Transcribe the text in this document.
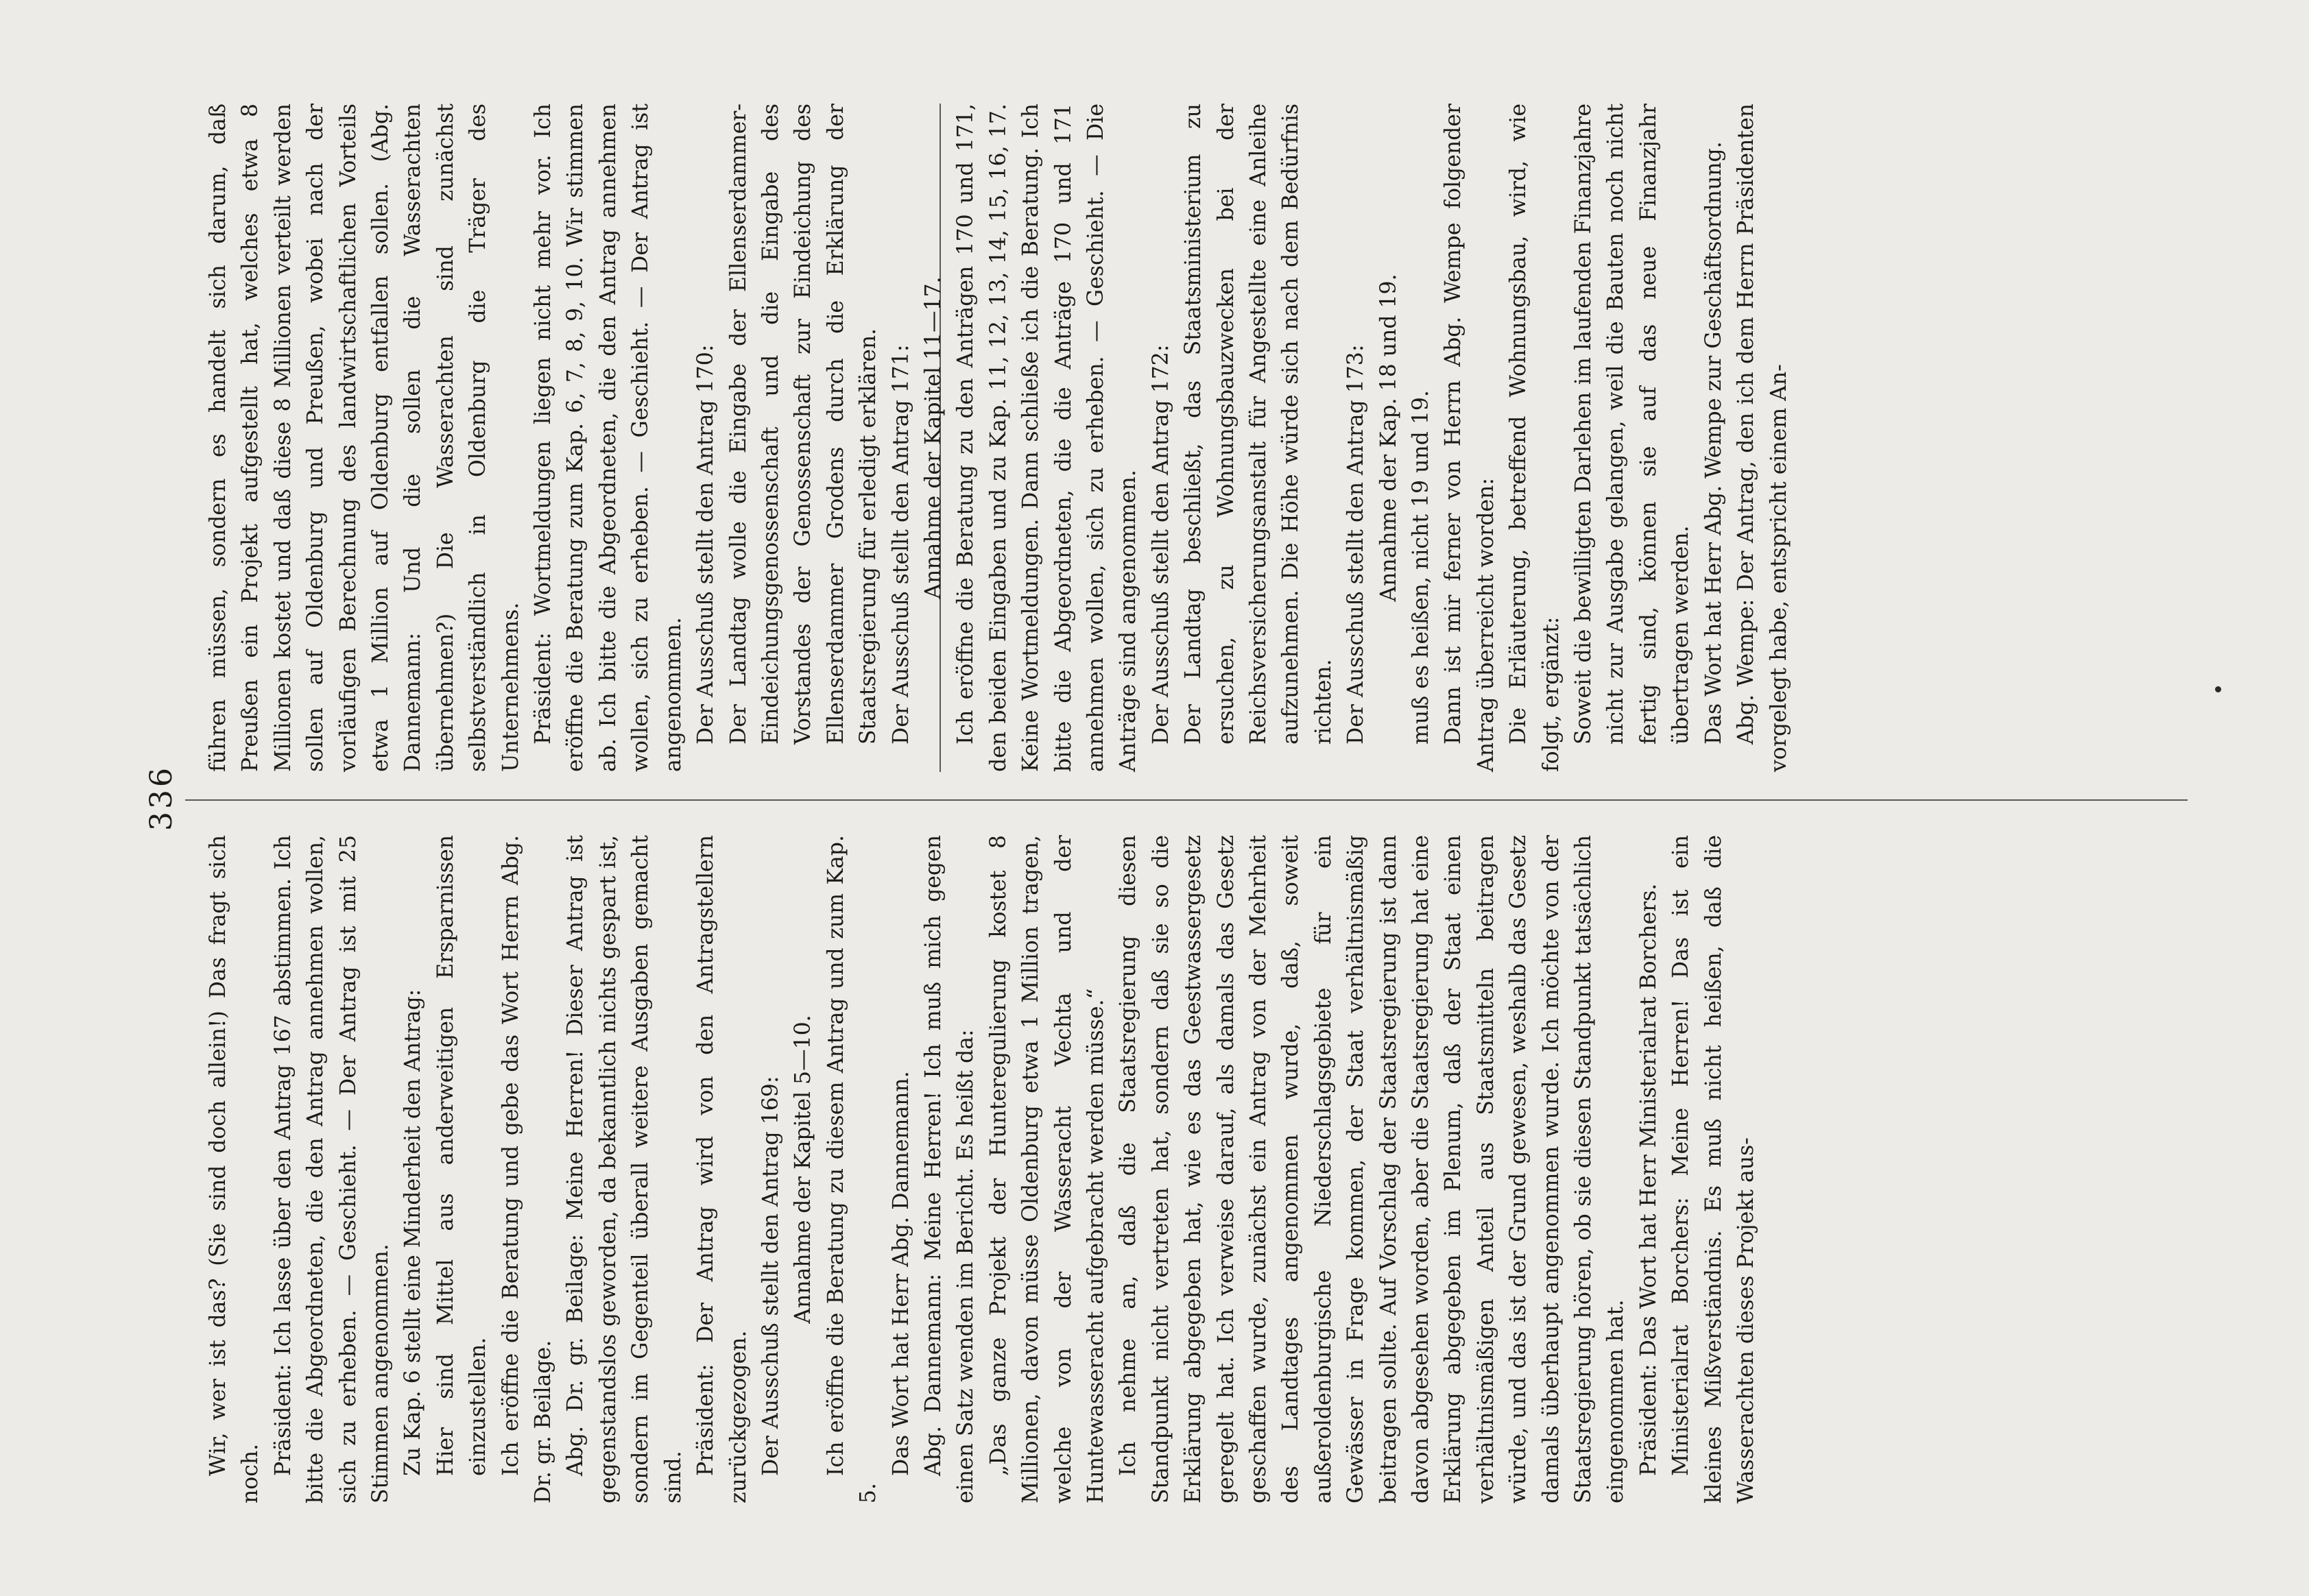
336

Wir, wer ist das? (Sie sind doch allein!) Das fragt sich noch. Präsident: Ich lasse über den Antrag 167 abstimmen. Ich bitte die Abgeordneten, die den Antrag annehmen wollen, sich zu erheben. — Geschieht. — Der Antrag ist mit 25 Stimmen angenommen. Zu Kap. 6 stellt eine Minderheit den Antrag: Hier sind Mittel aus anderweitigen Ersparnissen einzustellen. Ich eröffne die Beratung und gebe das Wort Herrn Abg. Dr. gr. Beilage. Abg. Dr. gr. Beilage: Meine Herren! Dieser Antrag ist gegenstandslos geworden, da bekanntlich nichts gespart ist, sondern im Gegenteil überall weitere Ausgaben gemacht sind.

Präsident: Der Antrag wird von den Antragstellern zurückgezogen. Der Ausschuß stellt den Antrag 169: Annahme der Kapitel 5—10. Ich eröffne die Beratung zu diesem Antrag und zum Kap. 5.

Das Wort hat Herr Abg. Dannemann. Abg. Dannemann: Meine Herren! Ich muß mich gegen einen Satz wenden im Bericht. Es heißt da: „Das ganze Projekt der Hunteregulierung kostet 8 Millionen, davon müsse Oldenburg etwa 1 Million tragen, welche von der Wasseracht Vechta und der Huntewasseracht aufgebracht werden müsse.“ Ich nehme an, daß die Staatsregierung diesen Standpunkt nicht vertreten hat, sondern daß sie so die Erklärung abgegeben hat, wie es das Geestwassergesetz geregelt hat. Ich verweise darauf, als damals das Gesetz geschaffen wurde, zunächst ein Antrag von der Mehrheit des Landtages angenommen wurde, daß, soweit außeroldenburgische Niederschlagsgebiete für ein Gewässer in Frage kommen, der Staat verhältnismäßig beitragen sollte. Auf Vorschlag der Staatsregierung ist dann davon abgesehen worden, aber die Staatsregierung hat eine Erklärung abgegeben im Plenum, daß der Staat einen verhältnismäßigen Anteil aus Staatsmitteln beitragen würde, und das ist der Grund gewesen, weshalb das Gesetz damals überhaupt angenommen wurde. Ich möchte von der Staatsregierung hören, ob sie diesen Standpunkt tatsächlich eingenommen hat. Präsident: Das Wort hat Herr Ministerialrat Borchers. Ministerialrat Borchers: Meine Herren! Das ist ein kleines Mißverständnis. Es muß nicht heißen, daß die Wasserachten dieses Projekt aus-

führen müssen, sondern es handelt sich darum, daß Preußen ein Projekt aufgestellt hat, welches etwa 8 Millionen kostet und daß diese 8 Millionen verteilt werden sollen auf Oldenburg und Preußen, wobei nach der vorläufigen Berechnung des landwirtschaftlichen Vorteils etwa 1 Million auf Oldenburg entfallen sollen. (Abg. Dannemann: Und die sollen die Wasserachten übernehmen?) Die Wasserachten sind zunächst selbstverständlich in Oldenburg die Träger des Unternehmens. Präsident: Wortmeldungen liegen nicht mehr vor. Ich eröffne die Beratung zum Kap. 6, 7, 8, 9, 10. Wir stimmen ab. Ich bitte die Abgeordneten, die den Antrag annehmen wollen, sich zu erheben. — Geschieht. — Der Antrag ist angenommen. Der Ausschuß stellt den Antrag 170: Der Landtag wolle die Eingabe der Ellenserdammer-Eindeichungsgenossenschaft und die Eingabe des Vorstandes der Genossenschaft zur Eindeichung des Ellenserdammer Grodens durch die Erklärung der Staatsregierung für erledigt erklären. Der Ausschuß stellt den Antrag 171: Annahme der Kapitel 11—17. Ich eröffne die Beratung zu den Anträgen 170 und 171, den beiden Eingaben und zu Kap. 11, 12, 13, 14, 15, 16, 17. Keine Wortmeldungen. Dann schließe ich die Beratung. Ich bitte die Abgeordneten, die die Anträge 170 und 171 annehmen wollen, sich zu erheben. — Geschieht. — Die Anträge sind angenommen. Der Ausschuß stellt den Antrag 172: Der Landtag beschließt, das Staatsministerium zu ersuchen, zu Wohnungsbauzwecken bei der Reichsversicherungsanstalt für Angestellte eine Anleihe aufzunehmen. Die Höhe würde sich nach dem Bedürfnis richten. Der Ausschuß stellt den Antrag 173: Annahme der Kap. 18 und 19. muß es heißen, nicht 19 und 19. Dann ist mir ferner von Herrn Abg. Wempe folgender Antrag überreicht worden: Die Erläuterung, betreffend Wohnungsbau, wird, wie folgt, ergänzt: Soweit die bewilligten Darlehen im laufenden Finanzjahre nicht zur Ausgabe gelangen, weil die Bauten noch nicht fertig sind, können sie auf das neue Finanzjahr übertragen werden. Das Wort hat Herr Abg. Wempe zur Geschäftsordnung. Abg. Wempe: Der Antrag, den ich dem Herrn Präsidenten vorgelegt habe, entspricht einem An-
